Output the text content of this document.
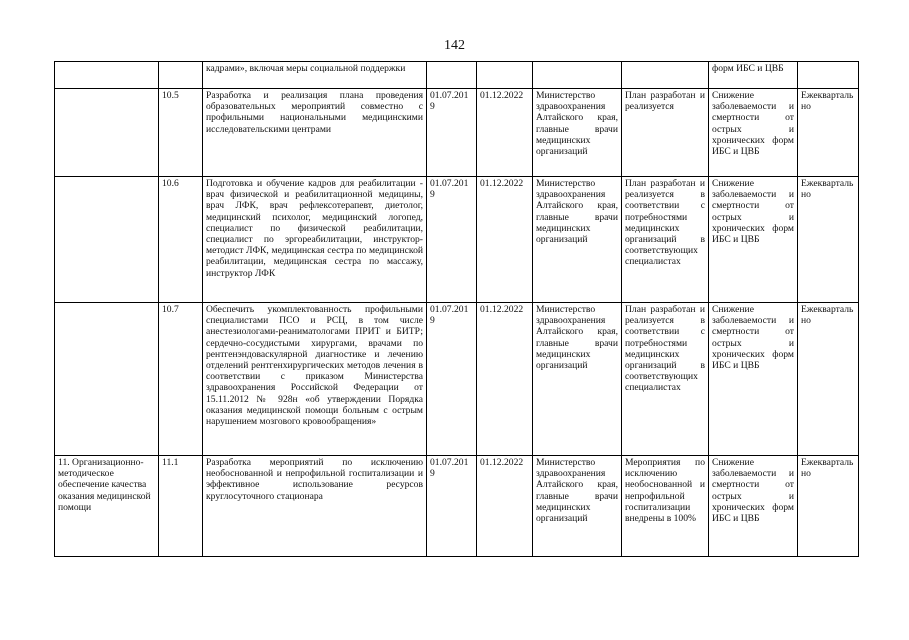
142
		кадрами», включая меры социальной поддержки					форм ИБС и ЦВБ	
	10.5	Разработка и реализация плана проведения образовательных мероприятий совместно с профильными национальными медицинскими исследовательскими центрами	01.07.2019	01.12.2022	Министерство здравоохранения Алтайского края, главные врачи медицинских организаций	План разработан и реализуется	Снижение заболеваемости и смертности от острых и хронических форм ИБС и ЦВБ	Ежеквартально
	10.6	Подготовка и обучение кадров для реабилитации - врач физической и реабилитационной медицины, врач ЛФК, врач рефлексотерапевт, диетолог, медицинский психолог, медицинский логопед, специалист по физической реабилитации, специалист по эргореабилитации, инструктор-методист ЛФК, медицинская сестра по медицинской реабилитации, медицинская сестра по массажу, инструктор ЛФК	01.07.2019	01.12.2022	Министерство здравоохранения Алтайского края, главные врачи медицинских организаций	План разработан и реализуется в соответствии с потребностями медицинских организаций в соответствующих специалистах	Снижение заболеваемости и смертности от острых и хронических форм ИБС и ЦВБ	Ежеквартально
	10.7	Обеспечить укомплектованность профильными специалистами ПСО и РСЦ, в том числе анестезиологами-реаниматологами ПРИТ и БИТР; сердечно-сосудистыми хирургами, врачами по рентгенэндоваскулярной диагностике и лечению отделений рентгенхирургических методов лечения в соответствии с приказом Министерства здравоохранения Российской Федерации от 15.11.2012 № 928н «об утверждении Порядка оказания медицинской помощи больным с острым нарушением мозгового кровообращения»	01.07.2019	01.12.2022	Министерство здравоохранения Алтайского края, главные врачи медицинских организаций	План разработан и реализуется в соответствии с потребностями медицинских организаций в соответствующих специалистах	Снижение заболеваемости и смертности от острых и хронических форм ИБС и ЦВБ	Ежеквартально
11. Организационно-методическое обеспечение качества оказания медицинской помощи	11.1	Разработка мероприятий по исключению необоснованной и непрофильной госпитализации и эффективное использование ресурсов круглосуточного стационара	01.07.2019	01.12.2022	Министерство здравоохранения Алтайского края, главные врачи медицинских организаций	Мероприятия по исключению необоснованной и непрофильной госпитализации внедрены в 100%	Снижение заболеваемости и смертности от острых и хронических форм ИБС и ЦВБ	Ежеквартально
